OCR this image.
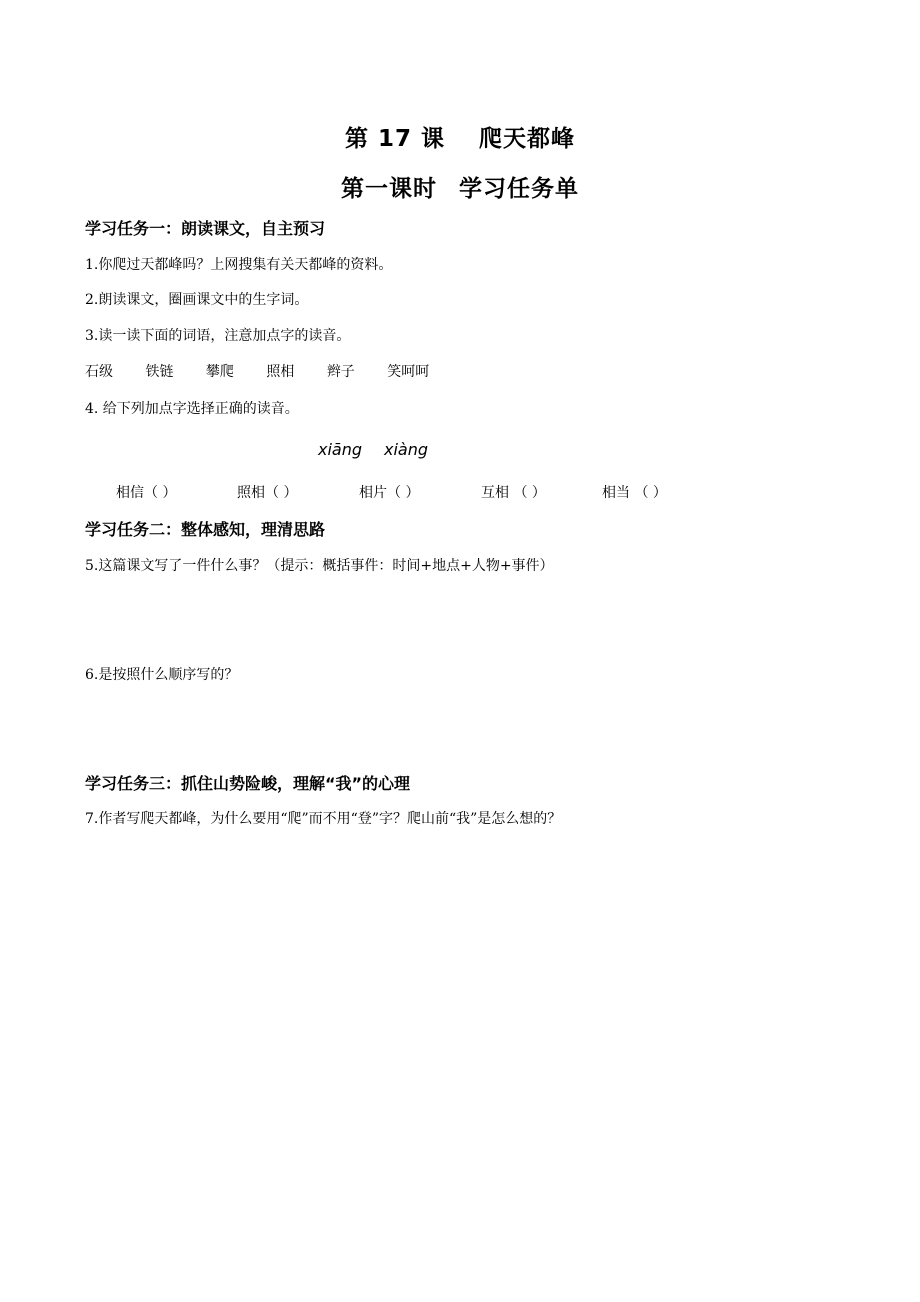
第 17 课 爬天都峰
第一课时 学习任务单
学习任务一：朗读课文，自主预习
1.你爬过天都峰吗？上网搜集有关天都峰的资料。
2.朗读课文，圈画课文中的生字词。
3.读一读下面的词语，注意加点字的读音。
石级 铁链 攀爬 照相 辫子 笑呵呵
4. 给下列加点字选择正确的读音。
xiāng xiàng
相信（ ）	照相（ ）	相片（ ）	互相 （ ）	相当 （ ）
学习任务二：整体感知，理清思路
5.这篇课文写了一件什么事？（提示：概括事件：时间+地点+人物+事件）
6.是按照什么顺序写的？
学习任务三：抓住山势险峻，理解“我”的心理
7.作者写爬天都峰，为什么要用“爬”而不用“登”字？爬山前“我”是怎么想的？
